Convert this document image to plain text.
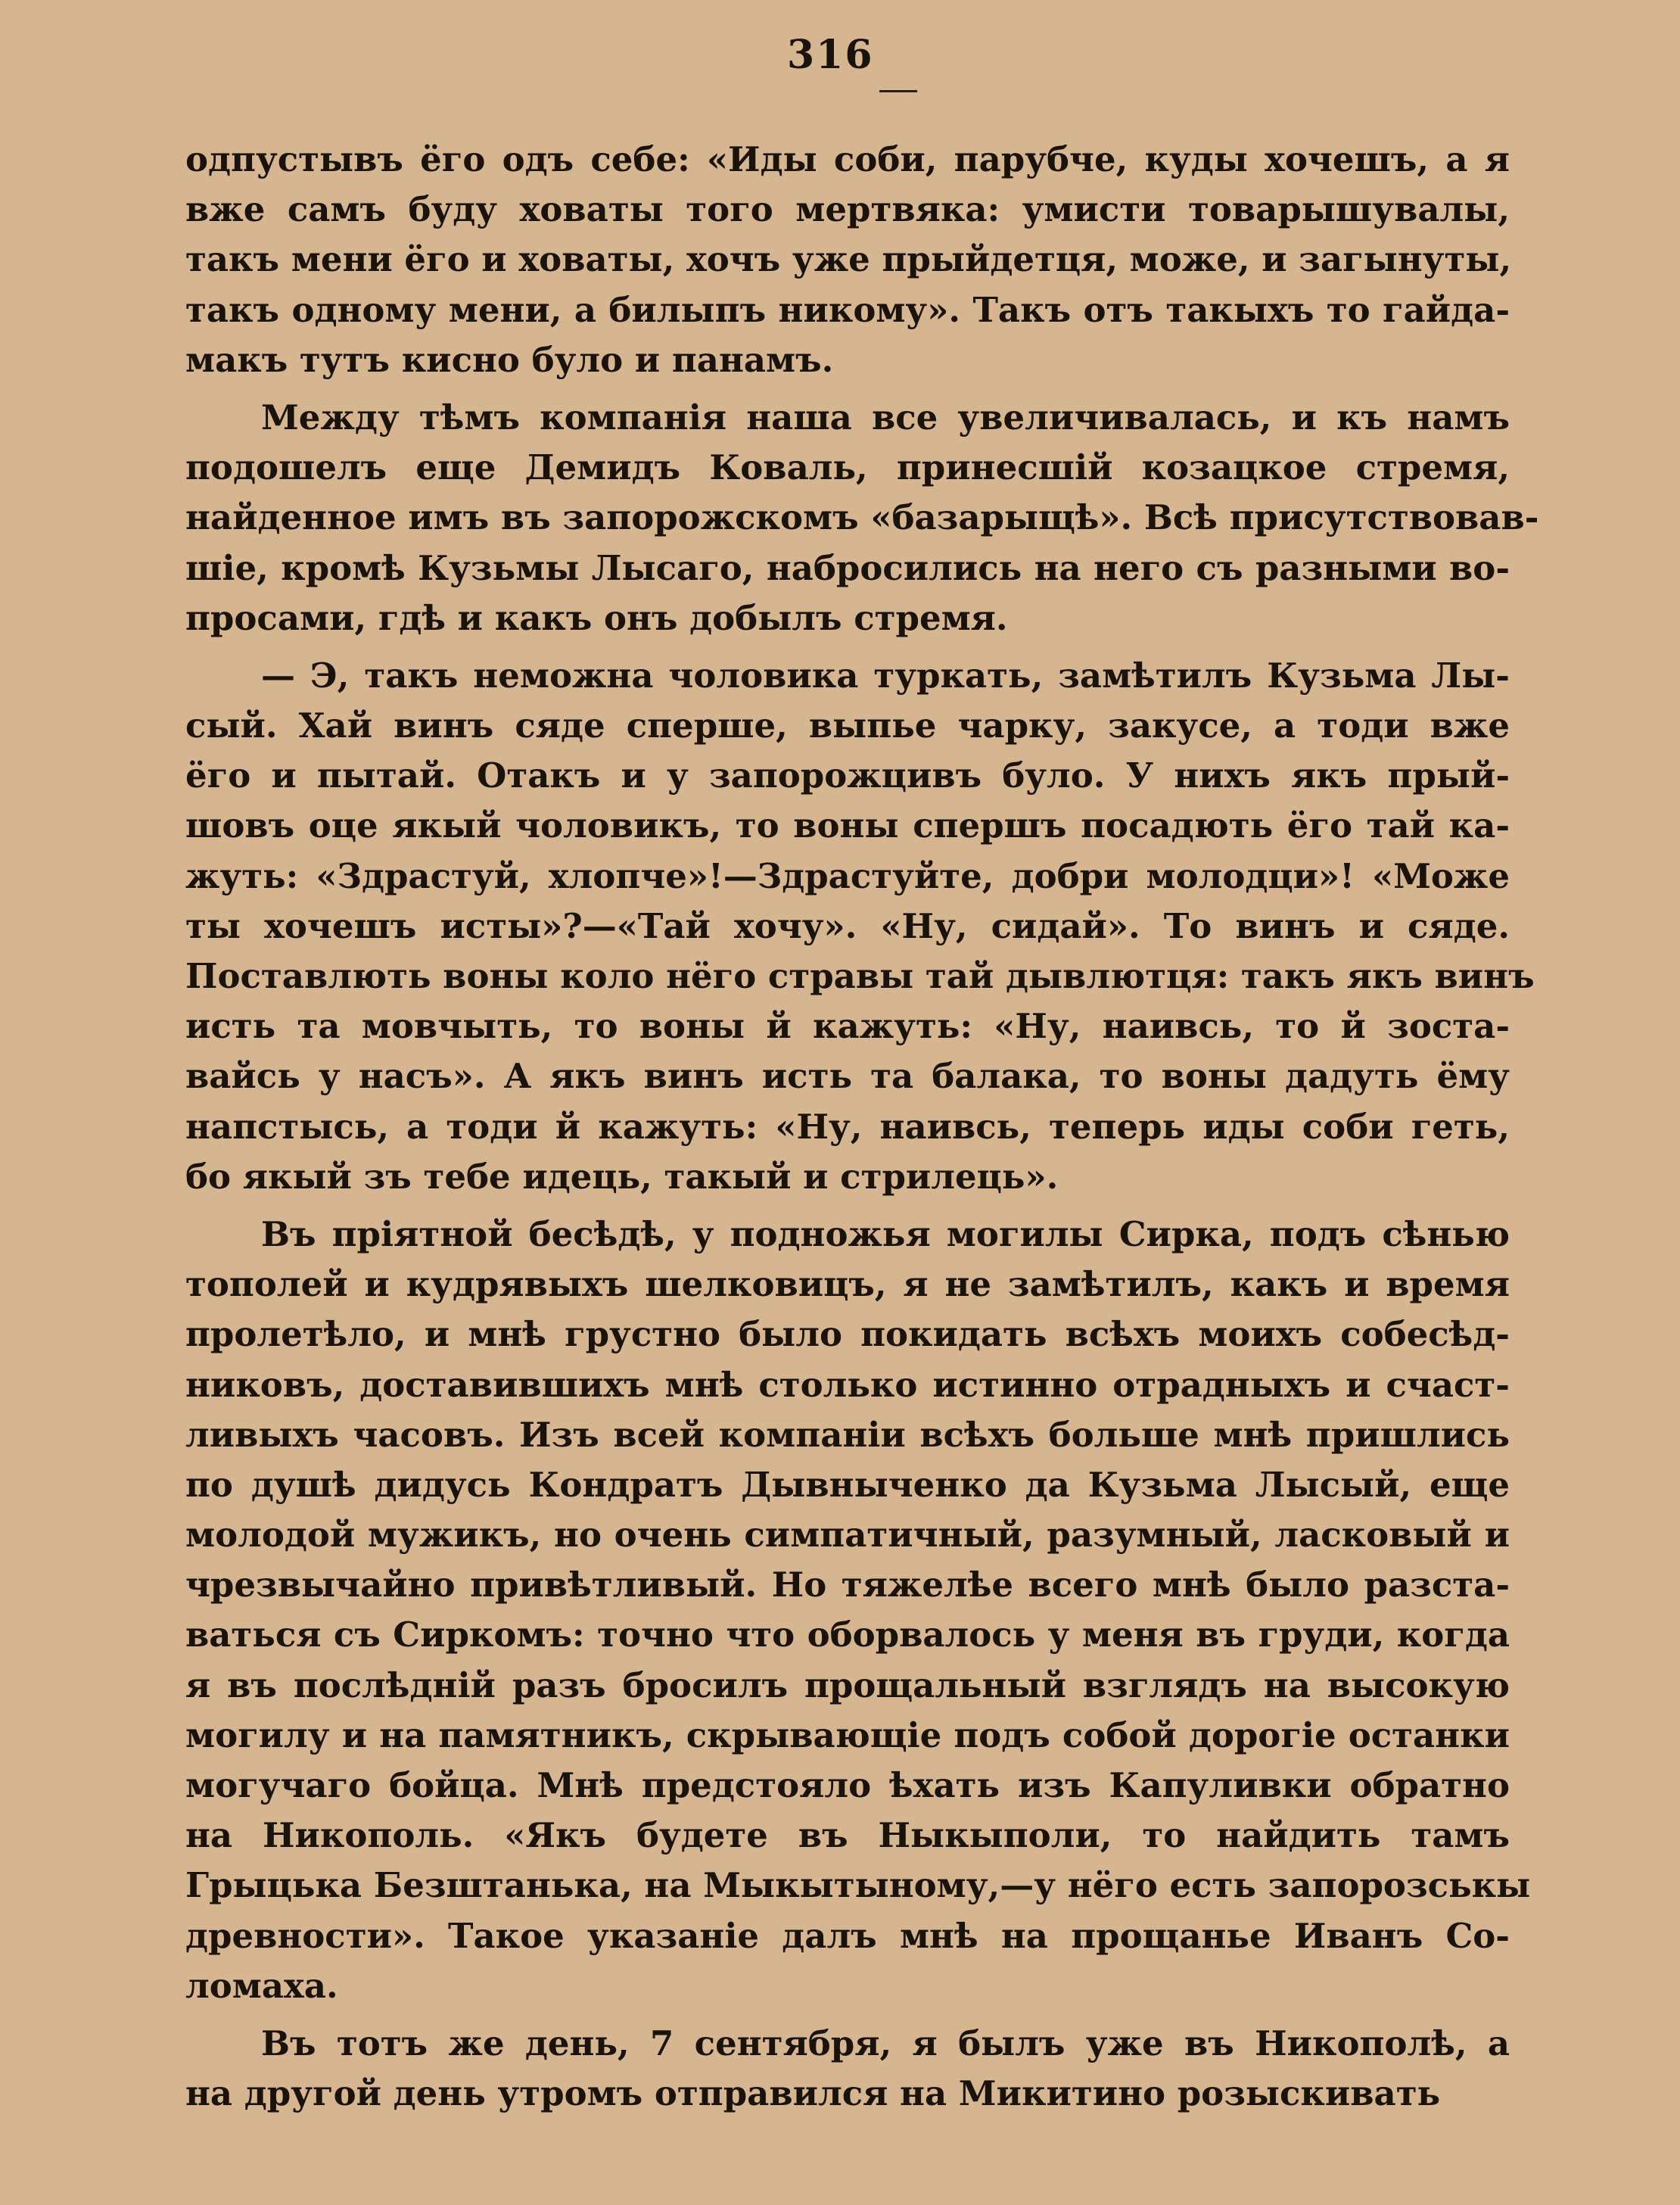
316
одпустывъ ёго одъ себе: «Иды соби, парубче, куды хочешъ, а я
вже самъ буду ховаты того мертвяка: умисти товарышувалы,
такъ мени ёго и ховаты, хочъ уже прыйдетця, може, и загынуты,
такъ одному мени, а билыпъ никому». Такъ отъ такыхъ то гайда-
макъ тутъ кисно було и панамъ.
Между тѣмъ компанія наша все увеличивалась, и къ намъ
подошелъ еще Демидъ Коваль, принесшій козацкое стремя,
найденное имъ въ запорожскомъ «базарыщѣ». Всѣ присутствовав-
шіе, кромѣ Кузьмы Лысаго, набросились на него съ разными во-
просами, гдѣ и какъ онъ добылъ стремя.
— Э, такъ неможна чоловика туркать, замѣтилъ Кузьма Лы-
сый. Хай винъ сяде сперше, выпье чарку, закусе, а тоди вже
ёго и пытай. Отакъ и у запорожцивъ було. У нихъ якъ прый-
шовъ оце якый чоловикъ, то воны спершъ посадють ёго тай ка-
жуть: «Здрастуй, хлопче»!—Здрастуйте, добри молодци»! «Може
ты хочешъ исты»?—«Тай хочу». «Ну, сидай». То винъ и сяде.
Поставлють воны коло нёго стравы тай дывлютця: такъ якъ винъ
исть та мовчыть, то воны й кажуть: «Ну, наивсь, то й зоста-
вайсь у насъ». А якъ винъ исть та балака, то воны дадуть ёму
напстысь, а тоди й кажуть: «Ну, наивсь, теперь иды соби геть,
бо якый зъ тебе идець, такый и стрилець».
Въ пріятной бесѣдѣ, у подножья могилы Сирка, подъ сѣнью
тополей и кудрявыхъ шелковицъ, я не замѣтилъ, какъ и время
пролетѣло, и мнѣ грустно было покидать всѣхъ моихъ собесѣд-
никовъ, доставившихъ мнѣ столько истинно отрадныхъ и счаст-
ливыхъ часовъ. Изъ всей компаніи всѣхъ больше мнѣ пришлись
по душѣ дидусь Кондратъ Дывныченко да Кузьма Лысый, еще
молодой мужикъ, но очень симпатичный, разумный, ласковый и
чрезвычайно привѣтливый. Но тяжелѣе всего мнѣ было разста-
ваться съ Сиркомъ: точно что оборвалось у меня въ груди, когда
я въ послѣдній разъ бросилъ прощальный взглядъ на высокую
могилу и на памятникъ, скрывающіе подъ собой дорогіе останки
могучаго бойца. Мнѣ предстояло ѣхать изъ Капуливки обратно
на Никополь. «Якъ будете въ Ныкыполи, то найдить тамъ
Грыцька Безштанька, на Мыкытыному,—у нёго есть запорозськы
древности». Такое указаніе далъ мнѣ на прощанье Иванъ Со-
ломаха.
Въ тотъ же день, 7 сентября, я былъ уже въ Никополѣ, а
на другой день утромъ отправился на Микитино розыскивать
